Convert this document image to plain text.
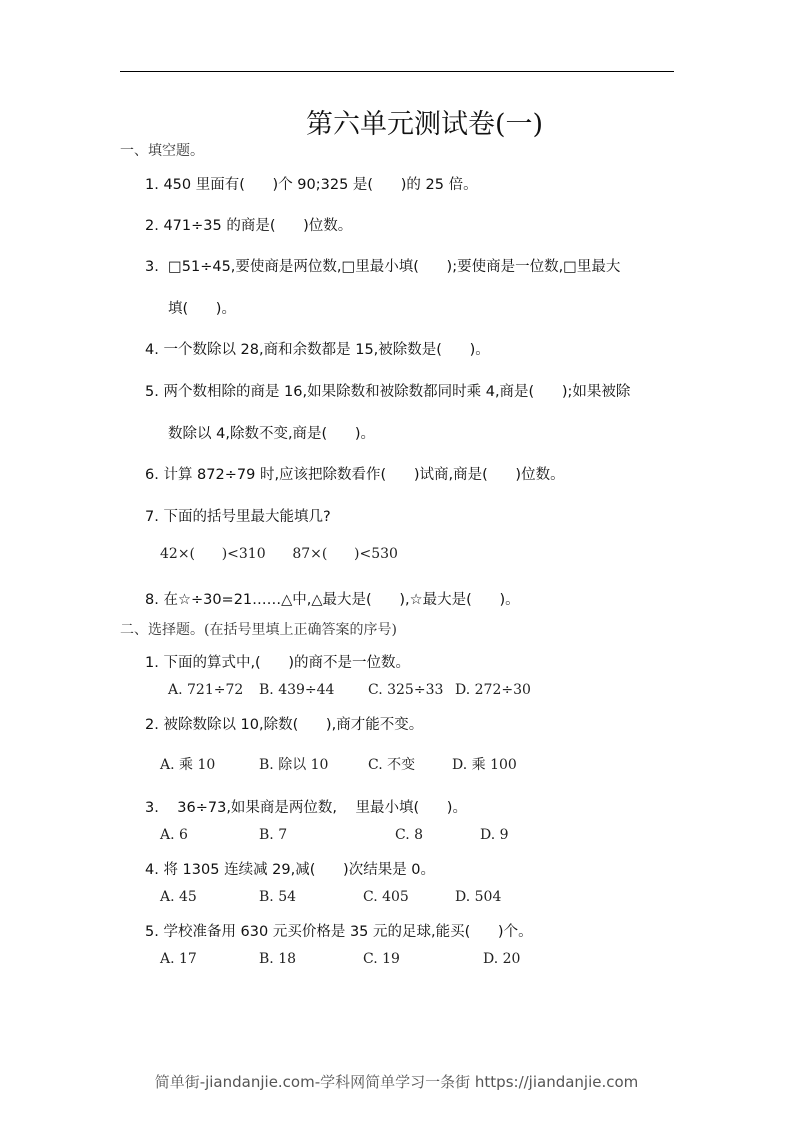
第六单元测试卷(一)
一、填空题。
1. 450 里面有(      )个 90;325 是(      )的 25 倍。
2. 471÷35 的商是(      )位数。
3.  □51÷45,要使商是两位数,□里最小填(      );要使商是一位数,□里最大
填(      )。
4. 一个数除以 28,商和余数都是 15,被除数是(      )。
5. 两个数相除的商是 16,如果除数和被除数都同时乘 4,商是(      );如果被除
数除以 4,除数不变,商是(      )。
6. 计算 872÷79 时,应该把除数看作(      )试商,商是(      )位数。
7. 下面的括号里最大能填几?
42×(      )<310      87×(      )<530
8. 在☆÷30=21……△中,△最大是(      ),☆最大是(      )。
二、选择题。(在括号里填上正确答案的序号)
1. 下面的算式中,(      )的商不是一位数。
A. 721÷72 B. 439÷44 C. 325÷33 D. 272÷30
2. 被除数除以 10,除数(      ),商才能不变。
A. 乘 10	B. 除以 10	C. 不变	D. 乘 100
3.    36÷73,如果商是两位数,    里最小填(      )。
A. 6	B. 7	C. 8	D. 9
4. 将 1305 连续减 29,减(      )次结果是 0。
A. 45	B. 54	C. 405	D. 504
5. 学校准备用 630 元买价格是 35 元的足球,能买(      )个。
A. 17	B. 18	C. 19	D. 20
简单街-jiandanjie.com-学科网简单学习一条街 https://jiandanjie.com
